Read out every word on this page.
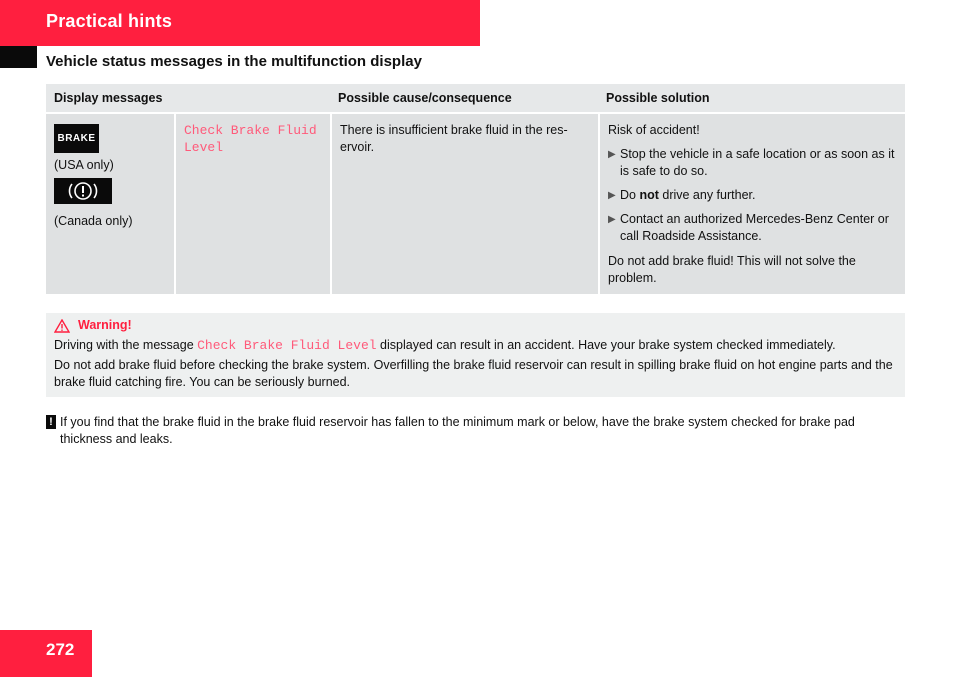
Practical hints
Vehicle status messages in the multifunction display
Display messages	Possible cause/consequence	Possible solution
BRAKE
(USA only)
(Canada only)
Check Brake Fluid
Level
There is insufficient brake fluid in the res-ervoir.
Risk of accident!
▶ Stop the vehicle in a safe location or as soon as it is safe to do so.
▶ Do not drive any further.
▶ Contact an authorized Mercedes-Benz Center or call Roadside Assistance.
Do not add brake fluid! This will not solve the problem.
Warning!

Driving with the message Check Brake Fluid Level displayed can result in an accident. Have your brake system checked immediately.

Do not add brake fluid before checking the brake system. Overfilling the brake fluid reservoir can result in spilling brake fluid on hot engine parts and the brake fluid catching fire. You can be seriously burned.

! If you find that the brake fluid in the brake fluid reservoir has fallen to the minimum mark or below, have the brake system checked for brake pad thickness and leaks.
272
